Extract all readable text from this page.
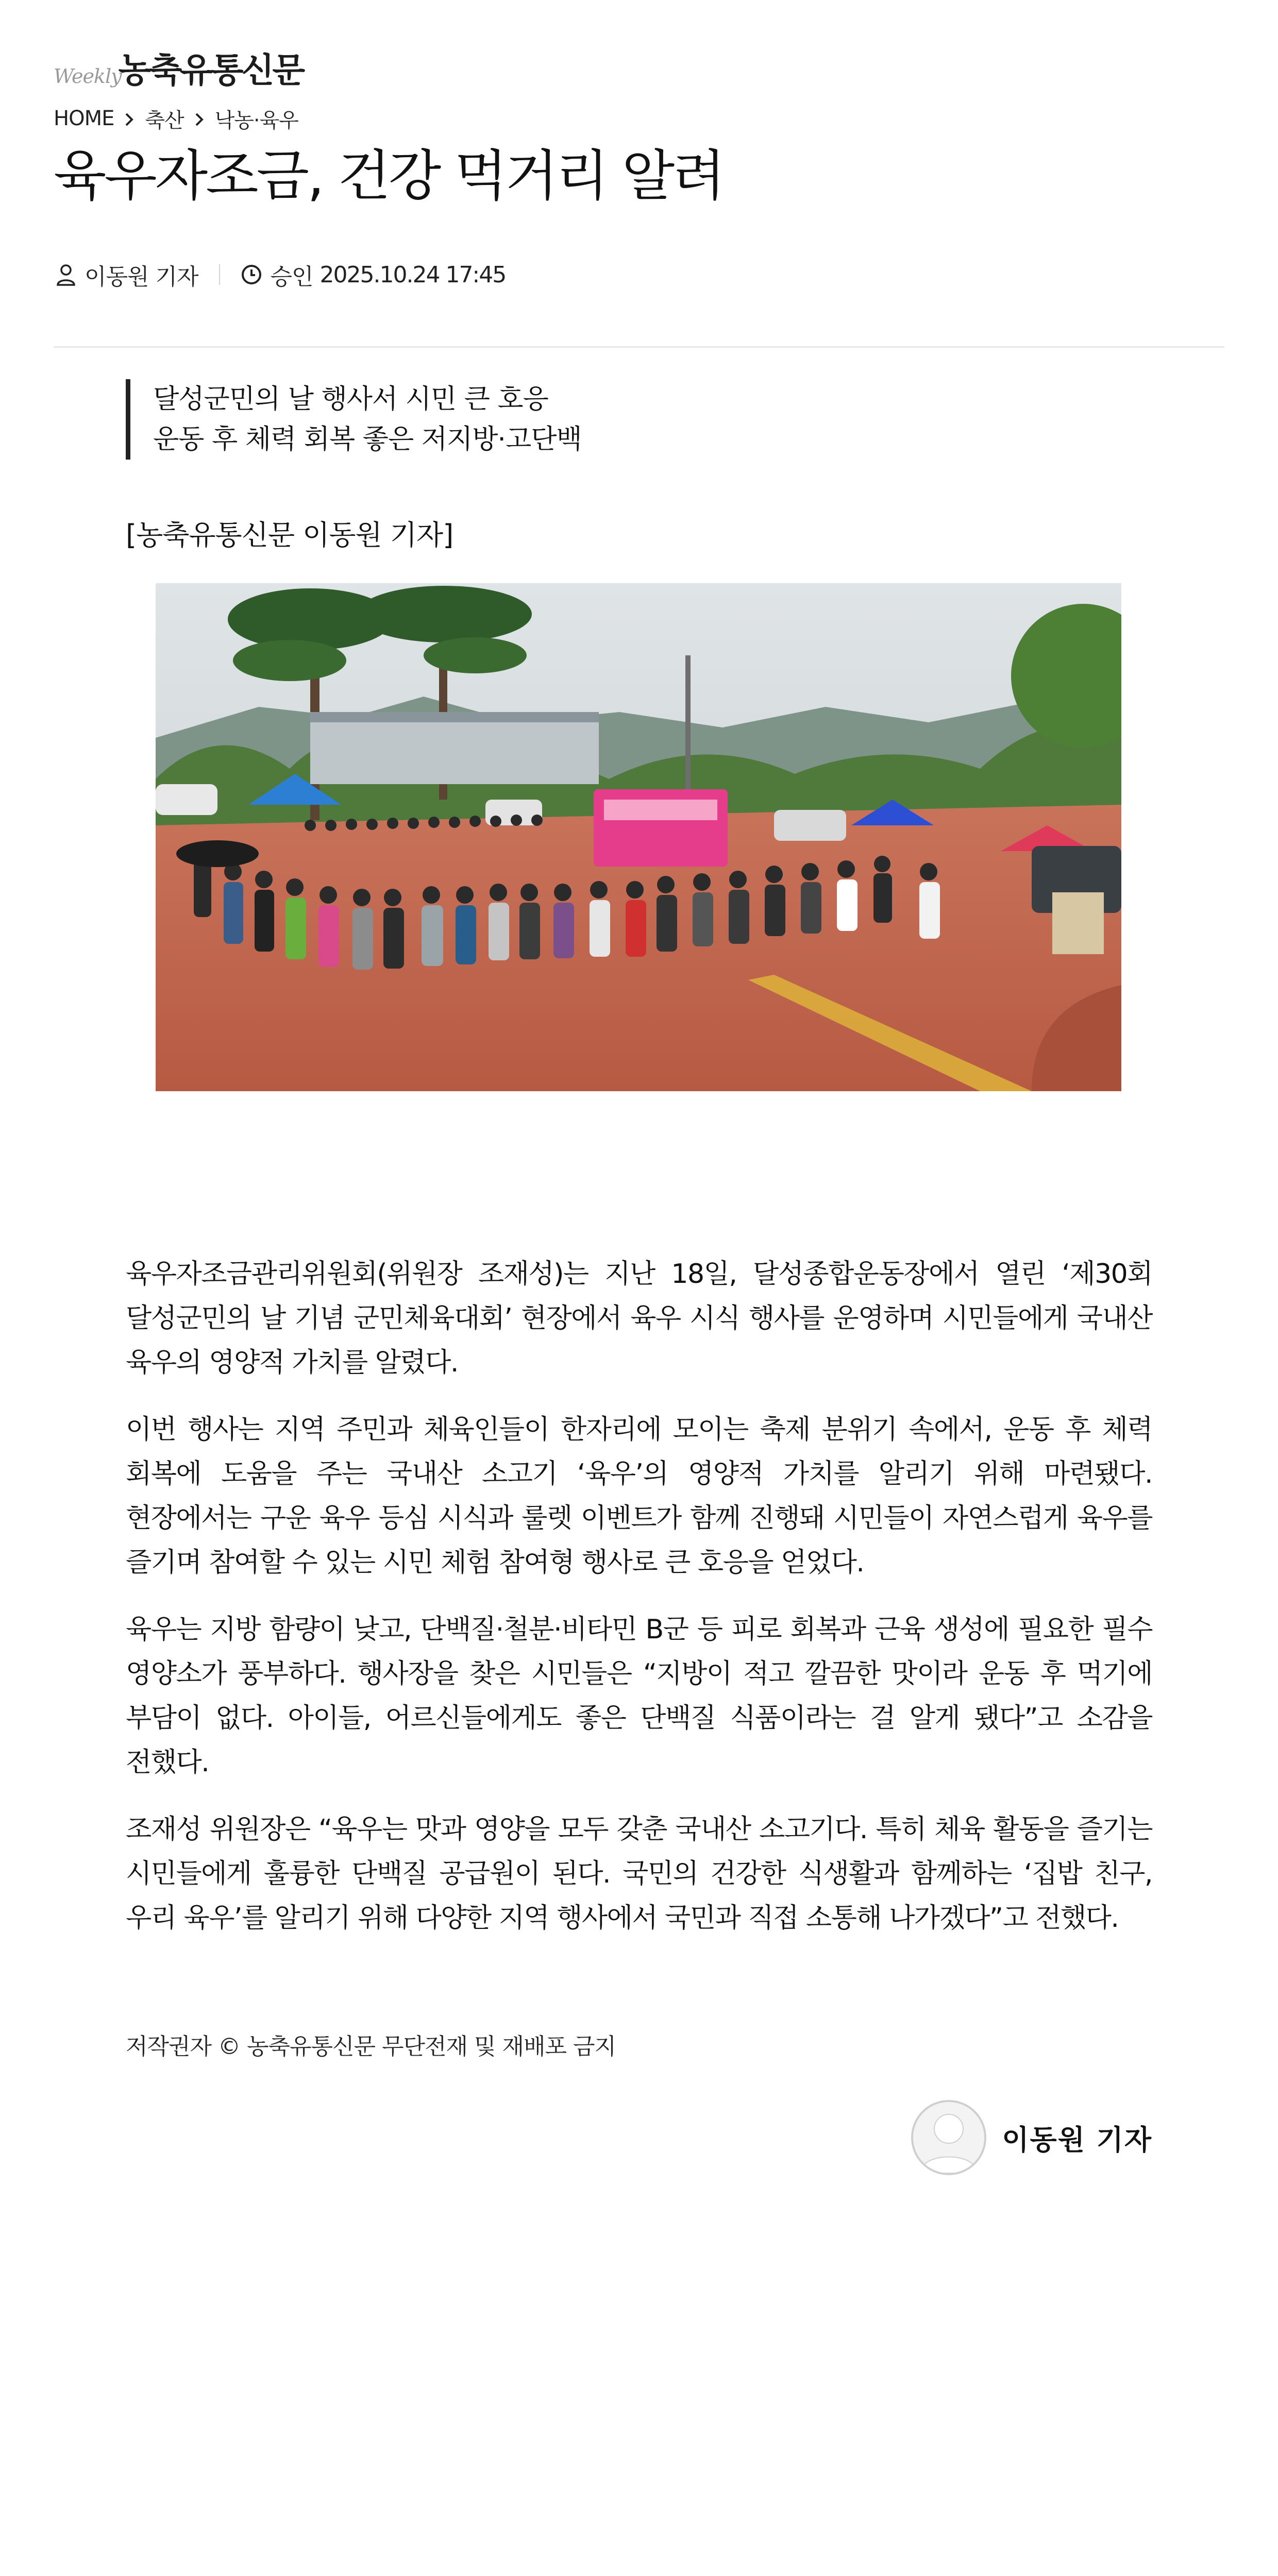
Weekly
농축유통신문
HOME 축산 낙농·육우
육우자조금, 건강 먹거리 알려
이동원 기자	승인
2025.10.24 17:45

달성군민의 날 행사서 시민 큰 호응

운동 후 체력 회복 좋은 저지방·고단백

[농축유통신문 이동원 기자]

육우자조금관리위원회(위원장 조재성)는 지난 18일, 달성종합운동장에서 열린 ‘제30회 달성군민의 날 기념 군민체육대회’ 현장에서 육우 시식 행사를 운영하며 시민들에게 국내산 육우의 영양적 가치를 알렸다.

이번 행사는 지역 주민과 체육인들이 한자리에 모이는 축제 분위기 속에서, 운동 후 체력 회복에 도움을 주는 국내산 소고기 ‘육우’의 영양적 가치를 알리기 위해 마련됐다. 현장에서는 구운 육우 등심 시식과 룰렛 이벤트가 함께 진행돼 시민들이 자연스럽게 육우를 즐기며 참여할 수 있는 시민 체험 참여형 행사로 큰 호응을 얻었다.

육우는 지방 함량이 낮고, 단백질·철분·비타민 B군 등 피로 회복과 근육 생성에 필요한 필수 영양소가 풍부하다. 행사장을 찾은 시민들은 “지방이 적고 깔끔한 맛이라 운동 후 먹기에 부담이 없다. 아이들, 어르신들에게도 좋은 단백질 식품이라는 걸 알게 됐다”고 소감을 전했다.

조재성 위원장은 “육우는 맛과 영양을 모두 갖춘 국내산 소고기다. 특히 체육 활동을 즐기는 시민들에게 훌륭한 단백질 공급원이 된다. 국민의 건강한 식생활과 함께하는 ‘집밥 친구, 우리 육우’를 알리기 위해 다양한 지역 행사에서 국민과 직접 소통해 나가겠다”고 전했다.

저작권자 © 농축유통신문 무단전재 및 재배포 금지
이동원 기자
